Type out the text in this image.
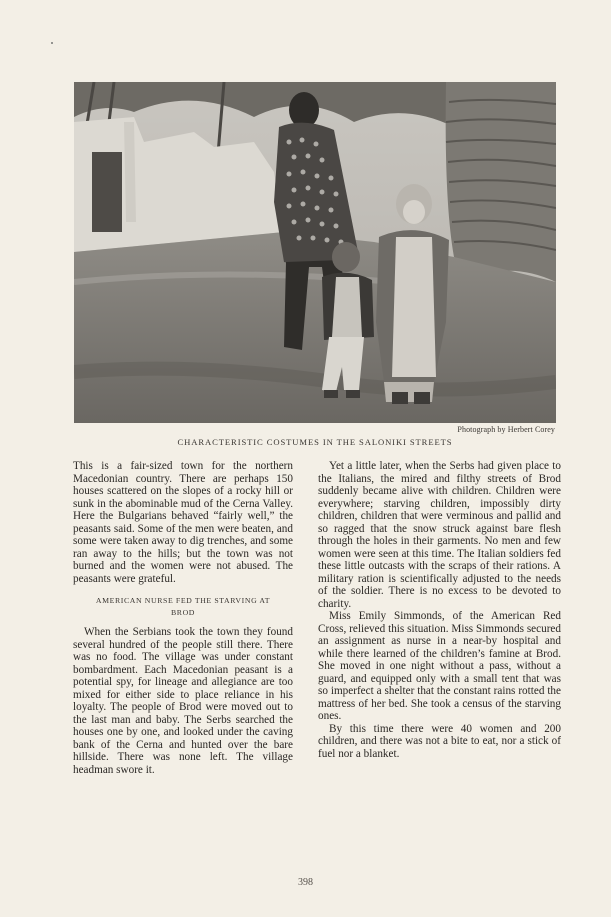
Photograph by Herbert Corey
CHARACTERISTIC COSTUMES IN THE SALONIKI STREETS

This is a fair-sized town for the northern Macedonian country. There are perhaps 150 houses scattered on the slopes of a rocky hill or sunk in the abominable mud of the Cerna Valley. Here the Bulgarians behaved “fairly well,” the peasants said. Some of the men were beaten, and some were taken away to dig trenches, and some ran away to the hills; but the town was not burned and the women were not abused. The peasants were grateful.

AMERICAN NURSE FED THE STARVING AT
BROD

When the Serbians took the town they found several hundred of the people still there. There was no food. The village was under constant bombardment. Each Macedonian peasant is a potential spy, for lineage and allegiance are too mixed for either side to place reliance in his loyalty. The people of Brod were moved out to the last man and baby. The Serbs searched the houses one by one, and looked under the caving bank of the Cerna and hunted over the bare hillside. There was none left. The village headman swore it.

Yet a little later, when the Serbs had given place to the Italians, the mired and filthy streets of Brod suddenly became alive with children. Children were everywhere; starving children, impossibly dirty children, children that were verminous and pallid and so ragged that the snow struck against bare flesh through the holes in their garments. No men and few women were seen at this time. The Italian soldiers fed these little outcasts with the scraps of their rations. A military ration is scientifically adjusted to the needs of the soldier. There is no excess to be devoted to charity.

Miss Emily Simmonds, of the American Red Cross, relieved this situation. Miss Simmonds secured an assignment as nurse in a near-by hospital and while there learned of the children’s famine at Brod. She moved in one night without a pass, without a guard, and equipped only with a small tent that was so imperfect a shelter that the constant rains rotted the mattress of her bed. She took a census of the starving ones.

By this time there were 40 women and 200 children, and there was not a bite to eat, nor a stick of fuel nor a blanket.

398
